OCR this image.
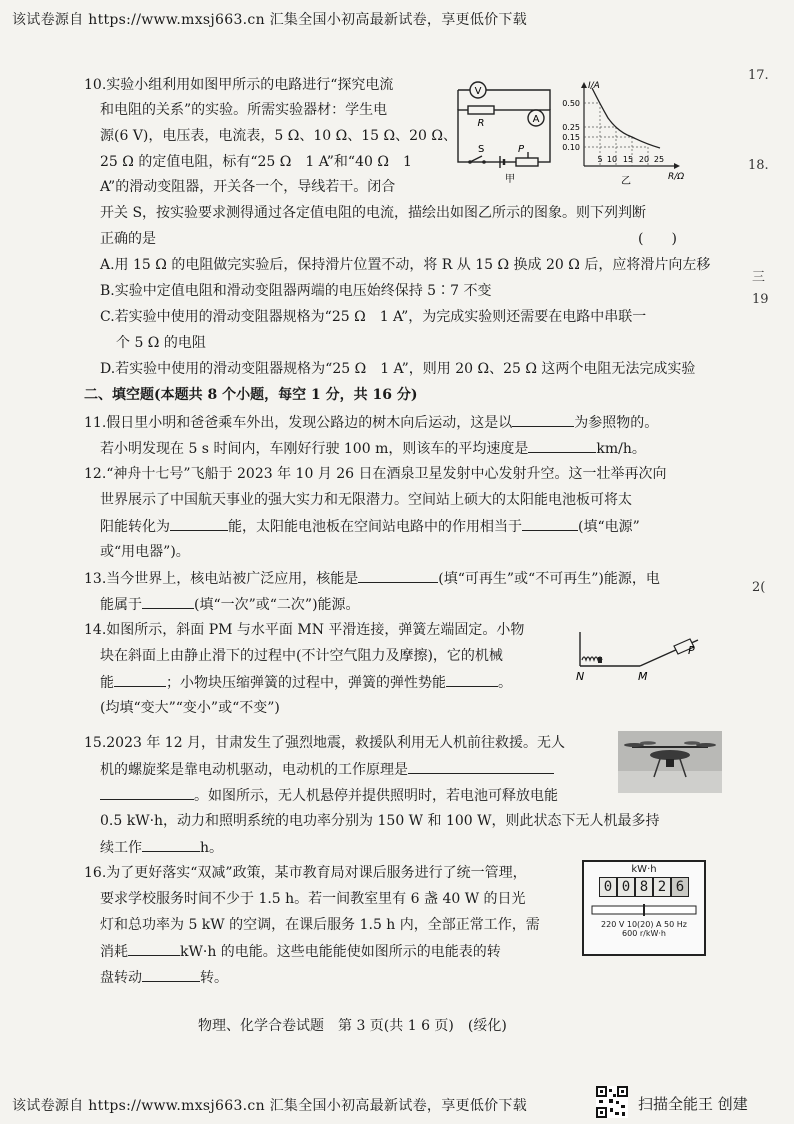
该试卷源自 https://www.mxsj663.cn 汇集全国小初高最新试卷，享更低价下载
17.
18.
三
19
2(
10.实验小组利用如图甲所示的电路进行“探究电流
和电阻的关系”的实验。所需实验器材：学生电
源(6 V)，电压表，电流表，5 Ω、10 Ω、15 Ω、20 Ω、
25 Ω 的定值电阻，标有“25 Ω　1 A”和“40 Ω　1
A”的滑动变阻器，开关各一个，导线若干。闭合
开关 S，按实验要求测得通过各定值电阻的电流，描绘出如图乙所示的图象。则下列判断
正确的是	(　　)
A.用 15 Ω 的电阻做完实验后，保持滑片位置不动，将 R 从 15 Ω 换成 20 Ω 后，应将滑片向左移
B.实验中定值电阻和滑动变阻器两端的电压始终保持 5∶7 不变
C.若实验中使用的滑动变阻器规格为“25 Ω　1 A”，为完成实验则还需要在电路中串联一
个 5 Ω 的电阻
D.若实验中使用的滑动变阻器规格为“25 Ω　1 A”，则用 20 Ω、25 Ω 这两个电阻无法完成实验
V
R	A
S	P
甲
I/A
R/Ω
0.50
0.25
0.15
0.10
5 10 15 20 25
乙
二、填空题(本题共 8 个小题，每空 1 分，共 16 分)
11.假日里小明和爸爸乘车外出，发现公路边的树木向后运动，这是以	为参照物的。
若小明发现在 5 s 时间内，车刚好行驶 100 m，则该车的平均速度是	km/h。
12.“神舟十七号”飞船于 2023 年 10 月 26 日在酒泉卫星发射中心发射升空。这一壮举再次向
世界展示了中国航天事业的强大实力和无限潜力。空间站上硕大的太阳能电池板可将太
阳能转化为	能，太阳能电池板在空间站电路中的作用相当于	(填“电源”
或“用电器”)。
13.当今世界上，核电站被广泛应用，核能是	(填“可再生”或“不可再生”)能源，电
能属于	(填“一次”或“二次”)能源。
14.如图所示，斜面 PM 与水平面 MN 平滑连接，弹簧左端固定。小物
块在斜面上由静止滑下的过程中(不计空气阻力及摩擦)，它的机械
能	；小物块压缩弹簧的过程中，弹簧的弹性势能	。
(均填“变大”“变小”或“不变”)
N	M
P
15.2023 年 12 月，甘肃发生了强烈地震，救援队利用无人机前往救援。无人
机的螺旋桨是靠电动机驱动，电动机的工作原理是
。如图所示，无人机悬停并提供照明时，若电池可释放电能
0.5 kW·h，动力和照明系统的电功率分别为 150 W 和 100 W，则此状态下无人机最多持
续工作	h。
16.为了更好落实“双减”政策，某市教育局对课后服务进行了统一管理，
要求学校服务时间不少于 1.5 h。若一间教室里有 6 盏 40 W 的日光
灯和总功率为 5 kW 的空调，在课后服务 1.5 h 内，全部正常工作，需
消耗	kW·h 的电能。这些电能能使如图所示的电能表的转
盘转动	转。
kW·h
0 0 8 2 6
220 V 10(20) A 50 Hz
600 r/kW·h
物理、化学合卷试题　第 3 页(共 1 6 页)　(绥化)
该试卷源自 https://www.mxsj663.cn 汇集全国小初高最新试卷，享更低价下载	扫描全能王 创建
